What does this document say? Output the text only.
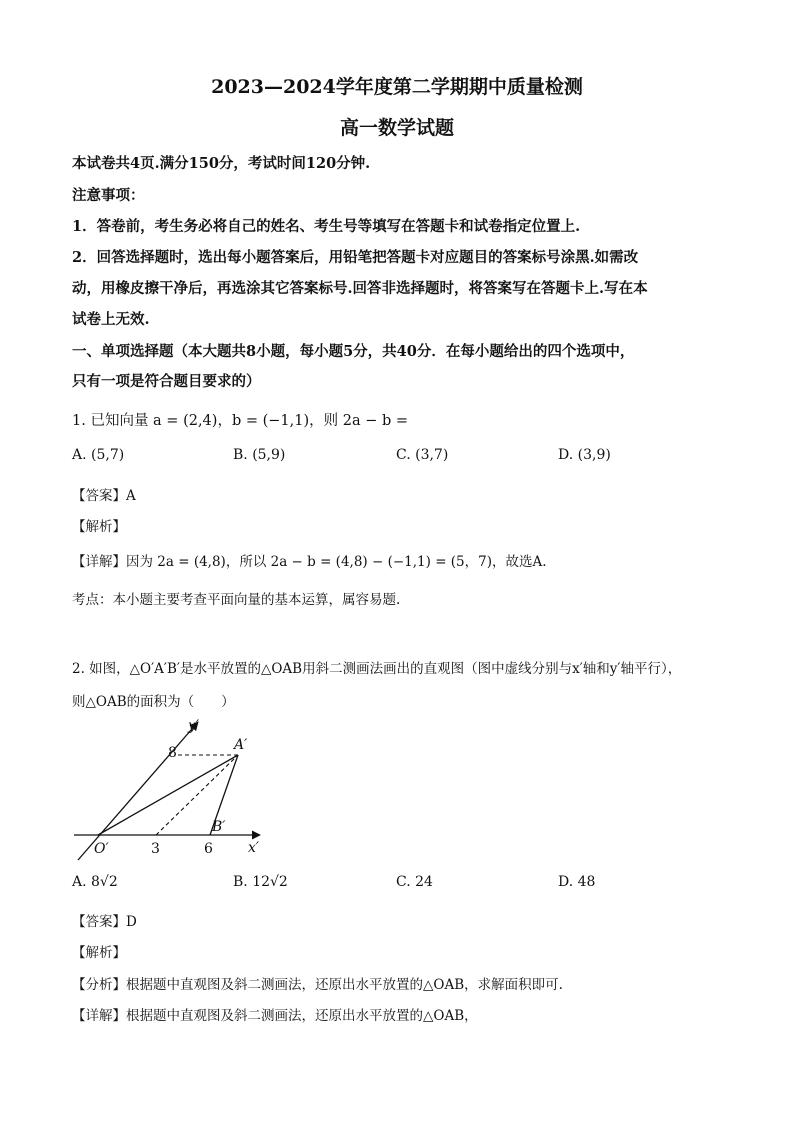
2023—2024学年度第二学期期中质量检测
高一数学试题
本试卷共4页.满分150分，考试时间120分钟.
注意事项：
1．答卷前，考生务必将自己的姓名、考生号等填写在答题卡和试卷指定位置上.
2．回答选择题时，选出每小题答案后，用铅笔把答题卡对应题目的答案标号涂黑.如需改
动，用橡皮擦干净后，再选涂其它答案标号.回答非选择题时，将答案写在答题卡上.写在本
试卷上无效.
一、单项选择题（本大题共8小题，每小题5分，共40分．在每小题给出的四个选项中，
只有一项是符合题目要求的）
1. 已知向量 a = (2,4)，b = (−1,1)，则 2a − b =
A. (5,7)	B. (5,9)	C. (3,7)	D. (3,9)
【答案】A
【解析】
【详解】因为 2a = (4,8)，所以 2a − b = (4,8) − (−1,1) = (5，7)，故选A.
考点：本小题主要考查平面向量的基本运算，属容易题.
2. 如图，△O′A′B′是水平放置的△OAB用斜二测画法画出的直观图（图中虚线分别与x′轴和y′轴平行），
则△OAB的面积为（　　）
y′
x′
A′
B′
O′
8
3	6
A. 8√2	B. 12√2	C. 24	D. 48
【答案】D
【解析】
【分析】根据题中直观图及斜二测画法，还原出水平放置的△OAB，求解面积即可.
【详解】根据题中直观图及斜二测画法，还原出水平放置的△OAB，
